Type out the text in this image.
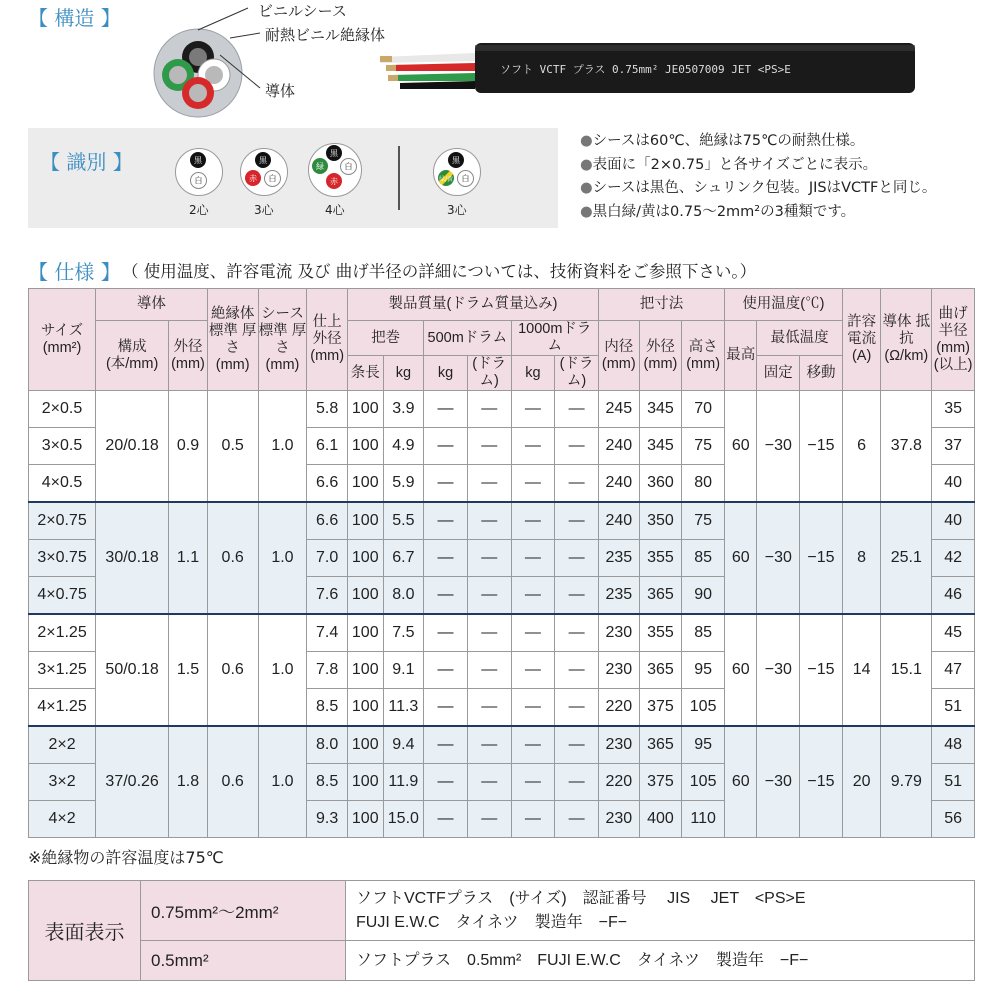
【 構造 】	ビニルシース
耐熱ビニル絶縁体
導体
ソフト VCTF プラス 0.75mm² JE0507009 JET <PS>E
【 識別 】	黒
白
2心
黒
赤	白
3心
黒
緑
赤
白
4心
黒
緑/黄	白
3心
●シースは60℃、絶縁は75℃の耐熱仕様。
●表面に「2×0.75」と各サイズごとに表示。
●シースは黒色、シュリンク包装。JISはVCTFと同じ。
●黒白緑/黄は0.75～2mm²の3種類です。
【 仕様 】 （ 使用温度、許容電流 及び 曲げ半径の詳細については、技術資料をご参照下さい。）
サイズ (mm²)	導体		絶縁体 標準 厚さ (mm)	シース 標準 厚さ (mm)	仕上 外径 (mm)	製品質量(ドラム質量込み)						把寸法			使用温度(℃)			許容 電流 (A)	導体 抵抗 (Ω/km)	曲げ 半径 (mm) (以上)
	構成 (本/mm)	外径 (mm)				把巻		500mドラム		1000mドラム		内径 (mm)	外径 (mm)	高さ (mm)	最高	最低温度				
						条長	kg	kg	(ドラム)	kg	(ドラム)					固定	移動			
2×0.5	20/0.18	0.9	0.5	1.0	5.8	100	3.9	—	—	—	—	245	345	70	60	−30	−15	6	37.8	35
3×0.5					6.1	100	4.9	—	—	—	—	240	345	75						37
4×0.5					6.6	100	5.9	—	—	—	—	240	360	80						40
2×0.75	30/0.18	1.1	0.6	1.0	6.6	100	5.5	—	—	—	—	240	350	75	60	−30	−15	8	25.1	40
3×0.75					7.0	100	6.7	—	—	—	—	235	355	85						42
4×0.75					7.6	100	8.0	—	—	—	—	235	365	90						46
2×1.25	50/0.18	1.5	0.6	1.0	7.4	100	7.5	—	—	—	—	230	355	85	60	−30	−15	14	15.1	45
3×1.25					7.8	100	9.1	—	—	—	—	230	365	95						47
4×1.25					8.5	100	11.3	—	—	—	—	220	375	105						51
2×2	37/0.26	1.8	0.6	1.0	8.0	100	9.4	—	—	—	—	230	365	95	60	−30	−15	20	9.79	48
3×2					8.5	100	11.9	—	—	—	—	220	375	105						51
4×2					9.3	100	15.0	—	—	—	—	230	400	110						56
※絶縁物の許容温度は75℃
表面表示	0.75mm²～2mm²	ソフトVCTFプラス　(サイズ)　認証番号　 JIS 　JET　<PS>E
FUJI E.W.C　タイネツ　製造年　−F−

	0.5mm²	ソフトプラス　0.5mm²　FUJI E.W.C　タイネツ　製造年　−F−
